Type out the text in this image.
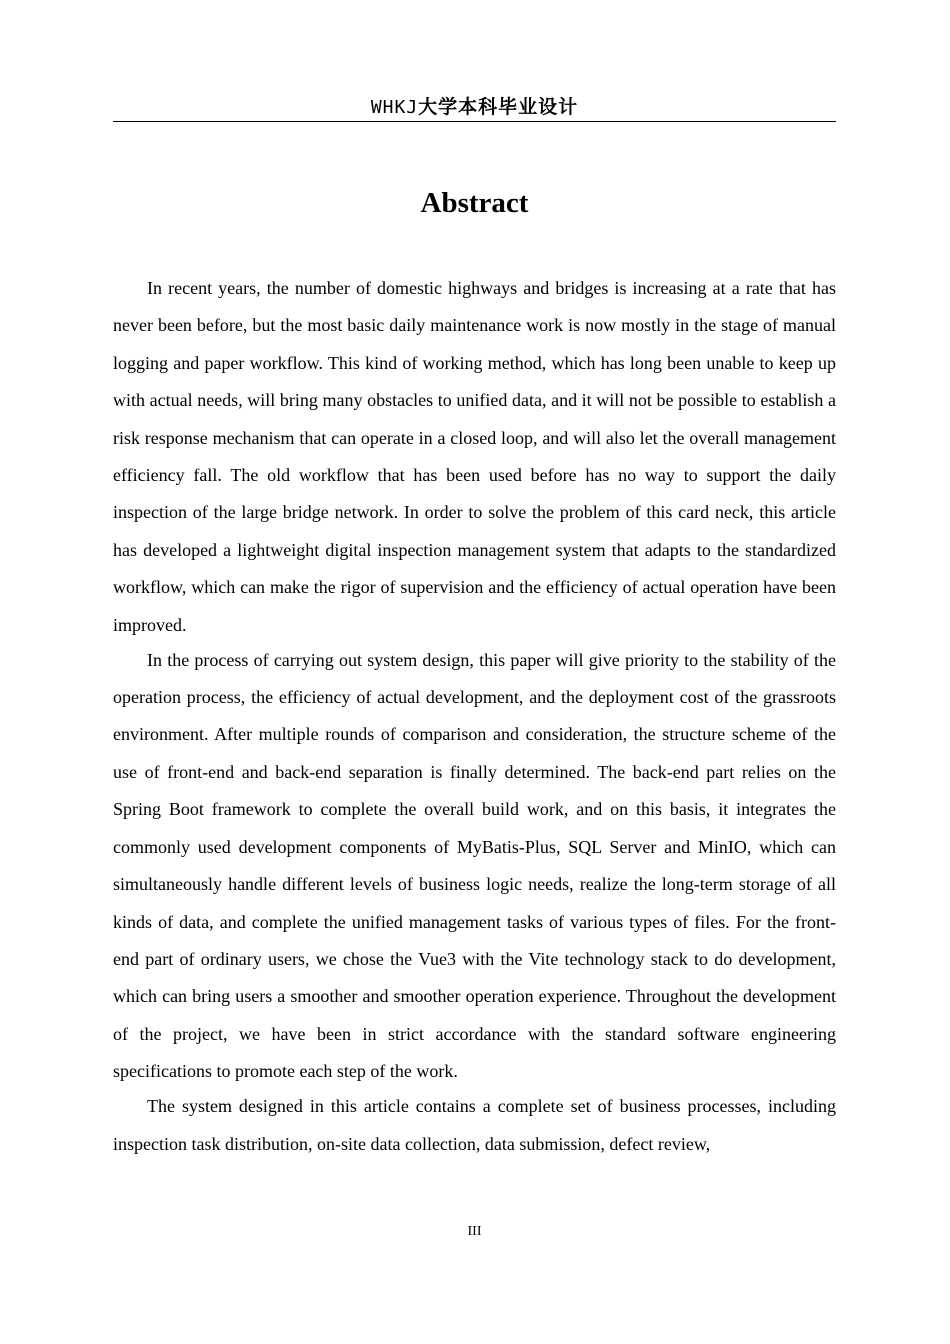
WHKJ大学本科毕业设计
Abstract

In recent years, the number of domestic highways and bridges is increasing at a rate that has never been before, but the most basic daily maintenance work is now mostly in the stage of manual logging and paper workflow. This kind of working method, which has long been unable to keep up with actual needs, will bring many obstacles to unified data, and it will not be possible to establish a risk response mechanism that can operate in a closed loop, and will also let the overall management efficiency fall. The old workflow that has been used before has no way to support the daily inspection of the large bridge network. In order to solve the problem of this card neck, this article has developed a lightweight digital inspection management system that adapts to the standardized workflow, which can make the rigor of supervision and the efficiency of actual operation have been improved.

In the process of carrying out system design, this paper will give priority to the stability of the operation process, the efficiency of actual development, and the deployment cost of the grassroots environment. After multiple rounds of comparison and consideration, the structure scheme of the use of front-end and back-end separation is finally determined. The back-end part relies on the Spring Boot framework to complete the overall build work, and on this basis, it integrates the commonly used development components of MyBatis-Plus, SQL Server and MinIO, which can simultaneously handle different levels of business logic needs, realize the long-term storage of all kinds of data, and complete the unified management tasks of various types of files. For the front-end part of ordinary users, we chose the Vue3 with the Vite technology stack to do development, which can bring users a smoother and smoother operation experience. Throughout the development of the project, we have been in strict accordance with the standard software engineering specifications to promote each step of the work.

The system designed in this article contains a complete set of business processes, including inspection task distribution, on-site data collection, data submission, defect review,

III
